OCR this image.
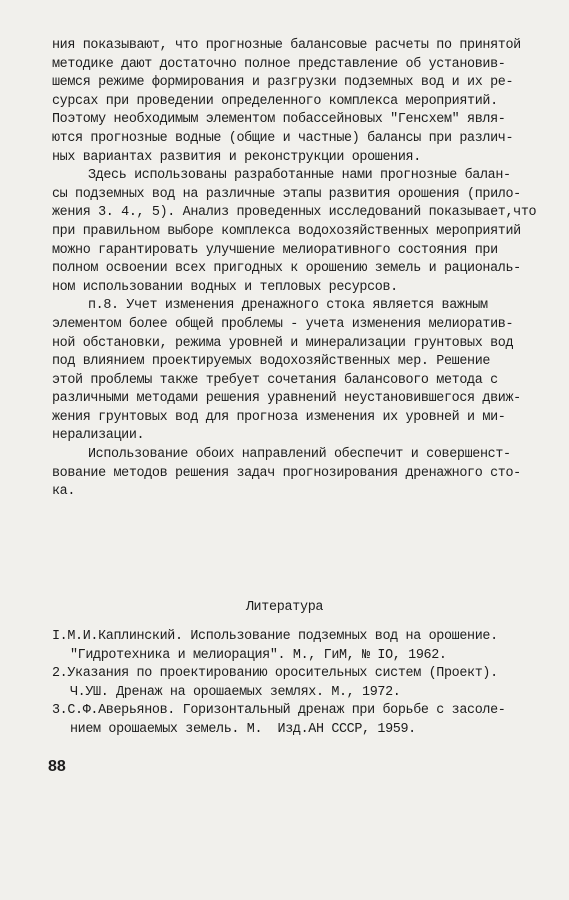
ния показывают, что прогнозные балансовые расчеты по принятой
методике дают достаточно полное представление об установив-
шемся режиме формирования и разгрузки подземных вод и их ре-
сурсах при проведении определенного комплекса мероприятий.
Поэтому необходимым элементом побассейновых "Генсхем" явля-
ются прогнозные водные (общие и частные) балансы при различ-
ных вариантах развития и реконструкции орошения.
Здесь использованы разработанные нами прогнозные балан-
сы подземных вод на различные этапы развития орошения (прило-
жения 3. 4., 5). Анализ проведенных исследований показывает,что
при правильном выборе комплекса водохозяйственных мероприятий
можно гарантировать улучшение мелиоративного состояния при
полном освоении всех пригодных к орошению земель и рациональ-
ном использовании водных и тепловых ресурсов.
п.8. Учет изменения дренажного стока является важным
элементом более общей проблемы - учета изменения мелиоратив-
ной обстановки, режима уровней и минерализации грунтовых вод
под влиянием проектируемых водохозяйственных мер. Решение
этой проблемы также требует сочетания балансового метода с
различными методами решения уравнений неустановившегося движ-
жения грунтовых вод для прогноза изменения их уровней и ми-
нерализации.
Использование обоих направлений обеспечит и совершенст-
вование методов решения задач прогнозирования дренажного сто-
ка.
Литература
I.М.И.Каплинский. Использование подземных вод на орошение.
"Гидротехника и мелиорация". М., ГиМ, № IO, 1962.
2.Указания по проектированию оросительных систем (Проект).
Ч.УШ. Дренаж на орошаемых землях. М., 1972.
3.С.Ф.Аверьянов. Горизонтальный дренаж при борьбе с засоле-
нием орошаемых земель. М.  Изд.АН СССР, 1959.
88
